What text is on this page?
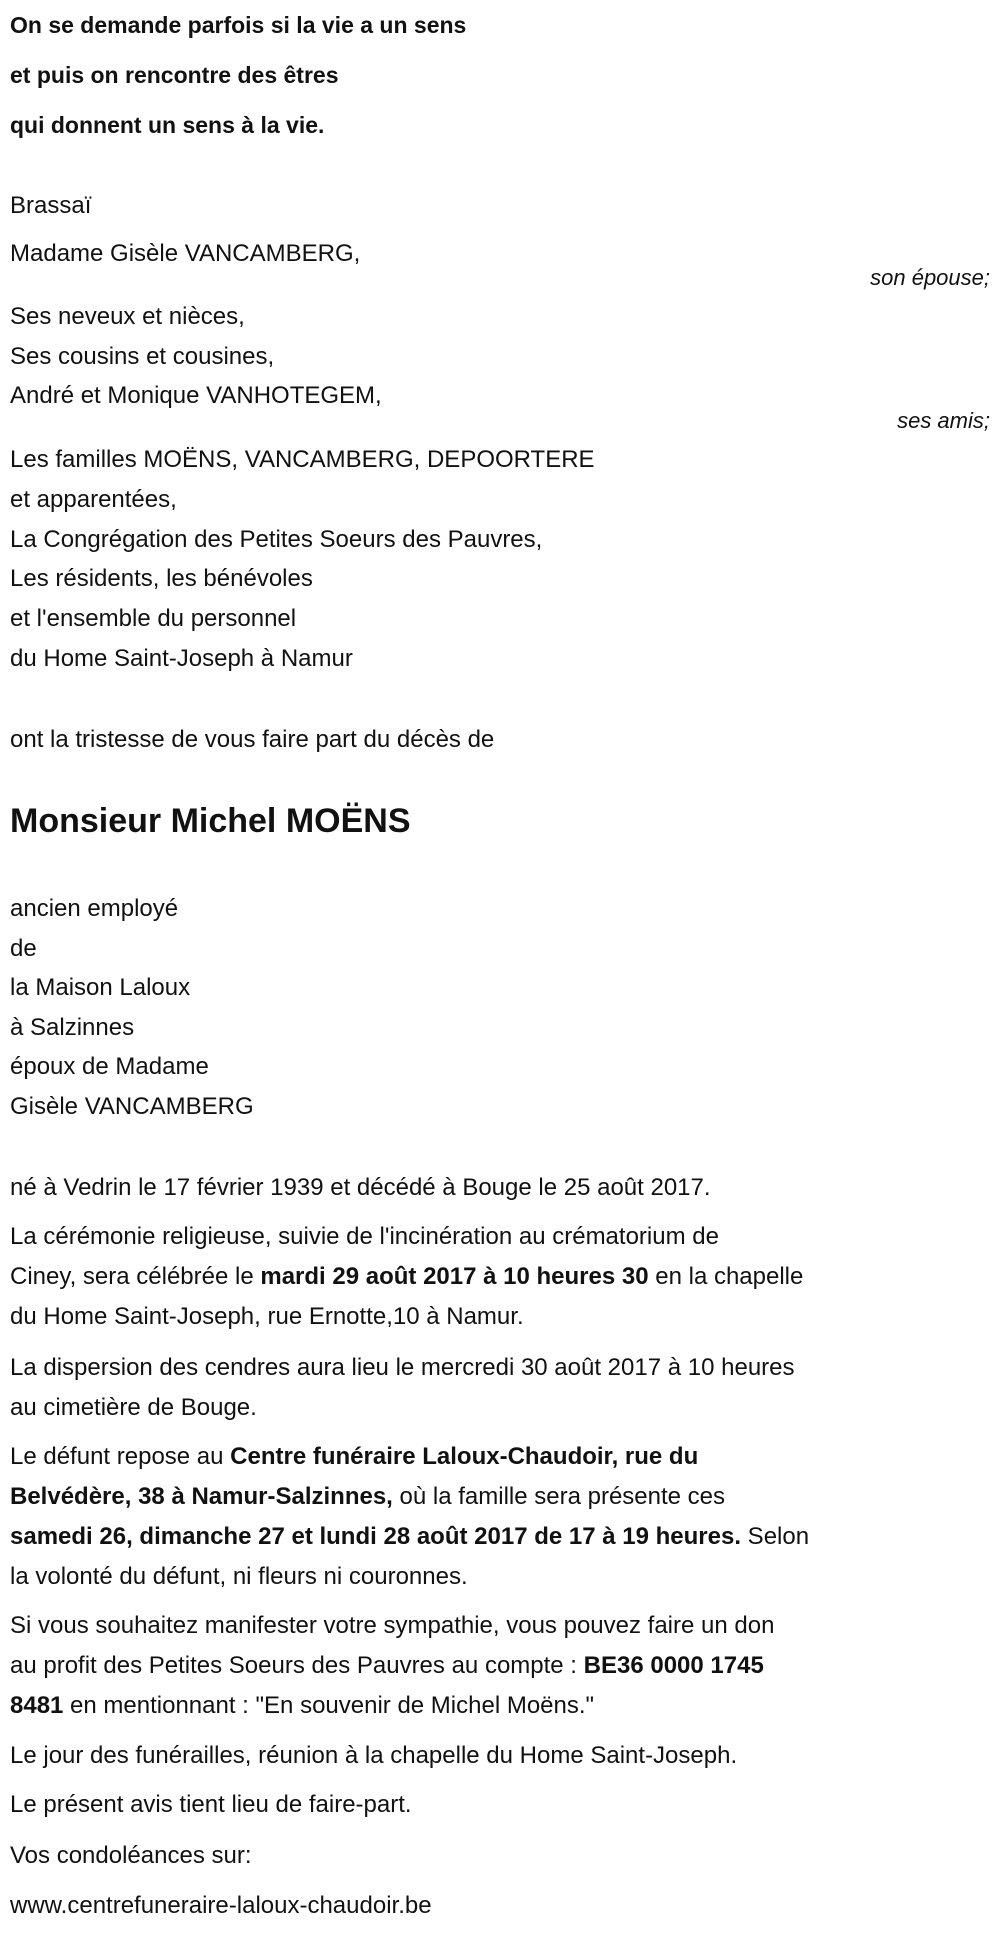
On se demande parfois si la vie a un sens
et puis on rencontre des êtres
qui donnent un sens à la vie.
Brassaï
Madame Gisèle VANCAMBERG,
son épouse;
Ses neveux et nièces,
Ses cousins et cousines,
André et Monique VANHOTEGEM,
ses amis;
Les familles MOËNS, VANCAMBERG, DEPOORTERE
et apparentées,
La Congrégation des Petites Soeurs des Pauvres,
Les résidents, les bénévoles
et l'ensemble du personnel
du Home Saint-Joseph à Namur
ont la tristesse de vous faire part du décès de
Monsieur Michel MOËNS
ancien employé
de
la Maison Laloux
à Salzinnes
époux de Madame
Gisèle VANCAMBERG
né à Vedrin le 17 février 1939 et décédé à Bouge le 25 août 2017.
La cérémonie religieuse, suivie de l'incinération au crématorium de
Ciney, sera célébrée le mardi 29 août 2017 à 10 heures 30 en la chapelle
du Home Saint-Joseph, rue Ernotte,10 à Namur.
La dispersion des cendres aura lieu le mercredi 30 août 2017 à 10 heures
au cimetière de Bouge.
Le défunt repose au Centre funéraire Laloux-Chaudoir, rue du
Belvédère, 38 à Namur-Salzinnes, où la famille sera présente ces
samedi 26, dimanche 27 et lundi 28 août 2017 de 17 à 19 heures. Selon
la volonté du défunt, ni fleurs ni couronnes.
Si vous souhaitez manifester votre sympathie, vous pouvez faire un don
au profit des Petites Soeurs des Pauvres au compte : BE36 0000 1745
8481 en mentionnant : "En souvenir de Michel Moëns."
Le jour des funérailles, réunion à la chapelle du Home Saint-Joseph.
Le présent avis tient lieu de faire-part.
Vos condoléances sur:
www.centrefuneraire-laloux-chaudoir.be
